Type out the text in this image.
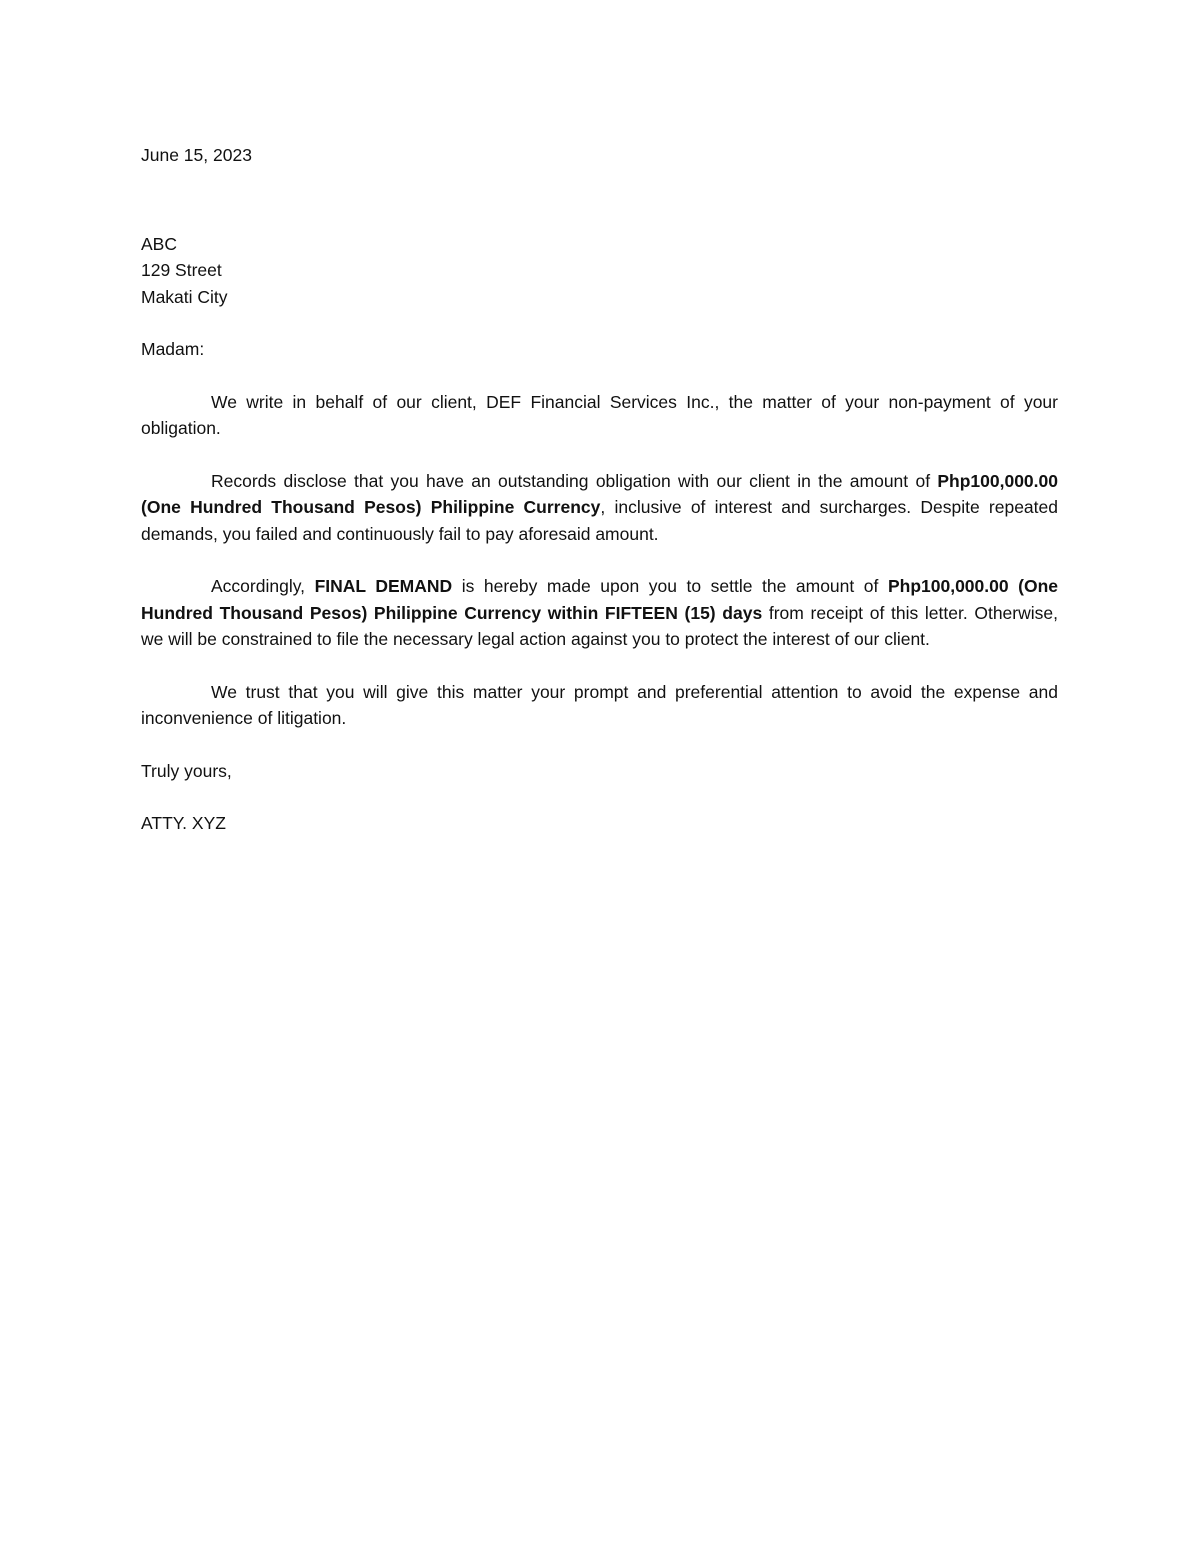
June 15, 2023

ABC
129 Street
Makati City

Madam:

We write in behalf of our client, DEF Financial Services Inc., the matter of your non-payment of your obligation.

Records disclose that you have an outstanding obligation with our client in the amount of Php100,000.00 (One Hundred Thousand Pesos) Philippine Currency, inclusive of interest and surcharges. Despite repeated demands, you failed and continuously fail to pay aforesaid amount.

Accordingly, FINAL DEMAND is hereby made upon you to settle the amount of Php100,000.00 (One Hundred Thousand Pesos) Philippine Currency within FIFTEEN (15) days from receipt of this letter. Otherwise, we will be constrained to file the necessary legal action against you to protect the interest of our client.

We trust that you will give this matter your prompt and preferential attention to avoid the expense and inconvenience of litigation.

Truly yours,

ATTY. XYZ
